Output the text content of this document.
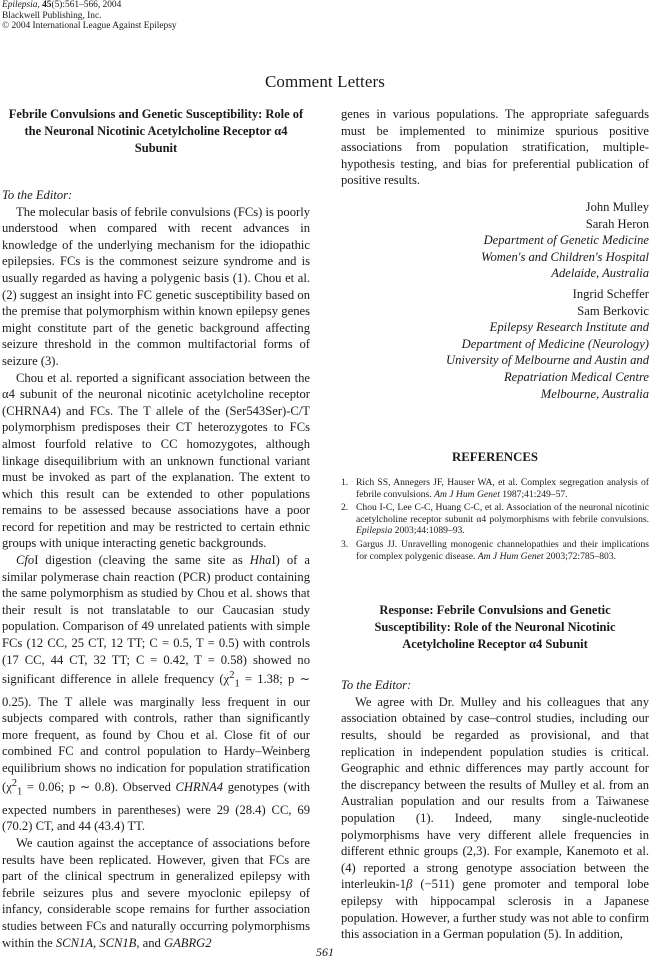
Epilepsia, 45(5):561–566, 2004
Blackwell Publishing, Inc.
© 2004 International League Against Epilepsy
Comment Letters
Febrile Convulsions and Genetic Susceptibility: Role of the Neuronal Nicotinic Acetylcholine Receptor α4 Subunit
To the Editor:

The molecular basis of febrile convulsions (FCs) is poorly understood when compared with recent advances in knowledge of the underlying mechanism for the idiopathic epilepsies. FCs is the commonest seizure syndrome and is usually regarded as having a polygenic basis (1). Chou et al. (2) suggest an insight into FC genetic susceptibility based on the premise that polymorphism within known epilepsy genes might constitute part of the genetic background affecting seizure threshold in the common multifactorial forms of seizure (3).

Chou et al. reported a significant association between the α4 subunit of the neuronal nicotinic acetylcholine receptor (CHRNA4) and FCs. The T allele of the (Ser543Ser)-C/T polymorphism predisposes their CT heterozygotes to FCs almost fourfold relative to CC homozygotes, although linkage disequilibrium with an unknown functional variant must be invoked as part of the explanation. The extent to which this result can be extended to other populations remains to be assessed because associations have a poor record for repetition and may be restricted to certain ethnic groups with unique interacting genetic backgrounds.

CfoI digestion (cleaving the same site as HhaI) of a similar polymerase chain reaction (PCR) product containing the same polymorphism as studied by Chou et al. shows that their result is not translatable to our Caucasian study population. Comparison of 49 unrelated patients with simple FCs (12 CC, 25 CT, 12 TT; C = 0.5, T = 0.5) with controls (17 CC, 44 CT, 32 TT; C = 0.42, T = 0.58) showed no significant difference in allele frequency ($\chi^2_1 = 1.38$; p ∼ 0.25). The T allele was marginally less frequent in our subjects compared with controls, rather than significantly more frequent, as found by Chou et al. Close fit of our combined FC and control population to Hardy–Weinberg equilibrium shows no indication for population stratification ($\chi^2_1 = 0.06$; p ∼ 0.8). Observed CHRNA4 genotypes (with expected numbers in parentheses) were 29 (28.4) CC, 69 (70.2) CT, and 44 (43.4) TT.

We caution against the acceptance of associations before results have been replicated. However, given that FCs are part of the clinical spectrum in generalized epilepsy with febrile seizures plus and severe myoclonic epilepsy of infancy, considerable scope remains for further association studies between FCs and naturally occurring polymorphisms within the SCN1A, SCN1B, and GABRG2

genes in various populations. The appropriate safeguards must be implemented to minimize spurious positive associations from population stratification, multiple-hypothesis testing, and bias for preferential publication of positive results.

John Mulley
Sarah Heron
Department of Genetic Medicine
Women's and Children's Hospital
Adelaide, Australia
Ingrid Scheffer
Sam Berkovic
Epilepsy Research Institute and
Department of Medicine (Neurology)
University of Melbourne and Austin and
Repatriation Medical Centre
Melbourne, Australia
REFERENCES
1. Rich SS, Annegers JF, Hauser WA, et al. Complex segregation analysis of febrile convulsions. Am J Hum Genet 1987;41:249–57.
2. Chou I-C, Lee C-C, Huang C-C, et al. Association of the neuronal nicotinic acetylcholine receptor subunit α4 polymorphisms with febrile convulsions. Epilepsia 2003;44:1089–93.
3. Gargus JJ. Unravelling monogenic channelopathies and their implications for complex polygenic disease. Am J Hum Genet 2003;72:785–803.
Response: Febrile Convulsions and Genetic Susceptibility: Role of the Neuronal Nicotinic Acetylcholine Receptor α4 Subunit
To the Editor:

We agree with Dr. Mulley and his colleagues that any association obtained by case–control studies, including our results, should be regarded as provisional, and that replication in independent population studies is critical. Geographic and ethnic differences may partly account for the discrepancy between the results of Mulley et al. from an Australian population and our results from a Taiwanese population (1). Indeed, many single-nucleotide polymorphisms have very different allele frequencies in different ethnic groups (2,3). For example, Kanemoto et al. (4) reported a strong genotype association between the interleukin-1β (−511) gene promoter and temporal lobe epilepsy with hippocampal sclerosis in a Japanese population. However, a further study was not able to confirm this association in a German population (5). In addition,

561
